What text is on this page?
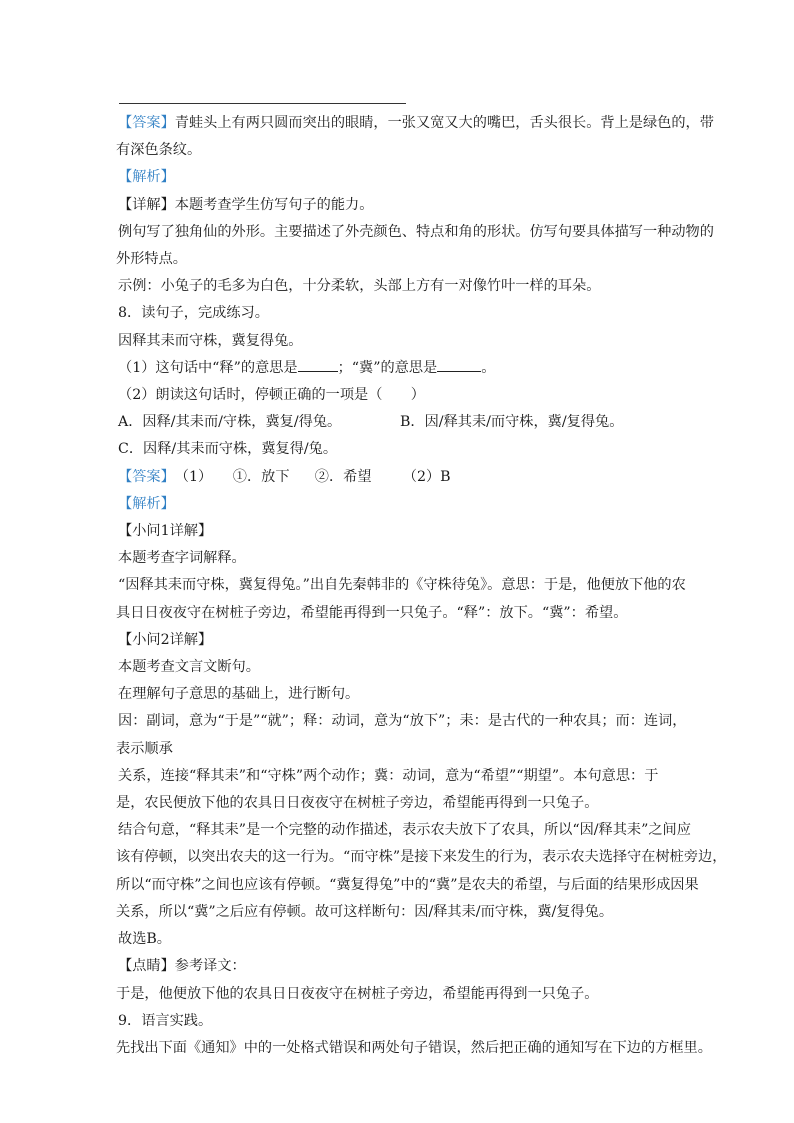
【答案】青蛙头上有两只圆而突出的眼睛，一张又宽又大的嘴巴，舌头很长。背上是绿色的，带
有深色条纹。
【解析】
【详解】本题考查学生仿写句子的能力。
例句写了独角仙的外形。主要描述了外壳颜色、特点和角的形状。仿写句要具体描写一种动物的
外形特点。
示例：小兔子的毛多为白色，十分柔软，头部上方有一对像竹叶一样的耳朵。
8．读句子，完成练习。
因释其耒而守株，冀复得兔。
（1）这句话中“释”的意思是	；“冀”的意思是	。
（2）朗读这句话时，停顿正确的一项是（　　）
A．因释/其耒而/守株，冀复/得兔。	B．因/释其耒/而守株，冀/复得兔。
C．因释/其耒而守株，冀复得/兔。
【答案】 （1）	①．放下	②．希望	（2）B
【解析】
【小问1详解】
本题考查字词解释。
“因释其耒而守株，冀复得兔。”出自先秦韩非的《守株待兔》。意思：于是，他便放下他的农
具日日夜夜守在树桩子旁边，希望能再得到一只兔子。“释”：放下。“冀”：希望。
【小问2详解】
本题考查文言文断句。
在理解句子意思的基础上，进行断句。
因：副词，意为“于是”“就”；释：动词，意为“放下”；耒：是古代的一种农具；而：连词，
表示顺承
关系，连接“释其耒”和“守株”两个动作；冀：动词，意为“希望”“期望”。本句意思：于
是，农民便放下他的农具日日夜夜守在树桩子旁边，希望能再得到一只兔子。
结合句意，“释其耒”是一个完整的动作描述，表示农夫放下了农具，所以“因/释其耒”之间应
该有停顿，以突出农夫的这一行为。“而守株”是接下来发生的行为，表示农夫选择守在树桩旁边，
所以“而守株”之间也应该有停顿。“冀复得兔”中的“冀”是农夫的希望，与后面的结果形成因果
关系，所以“冀”之后应有停顿。故可这样断句：因/释其耒/而守株，冀/复得兔。
故选B。
【点睛】参考译文：
于是，他便放下他的农具日日夜夜守在树桩子旁边，希望能再得到一只兔子。
9．语言实践。
先找出下面《通知》中的一处格式错误和两处句子错误，然后把正确的通知写在下边的方框里。
